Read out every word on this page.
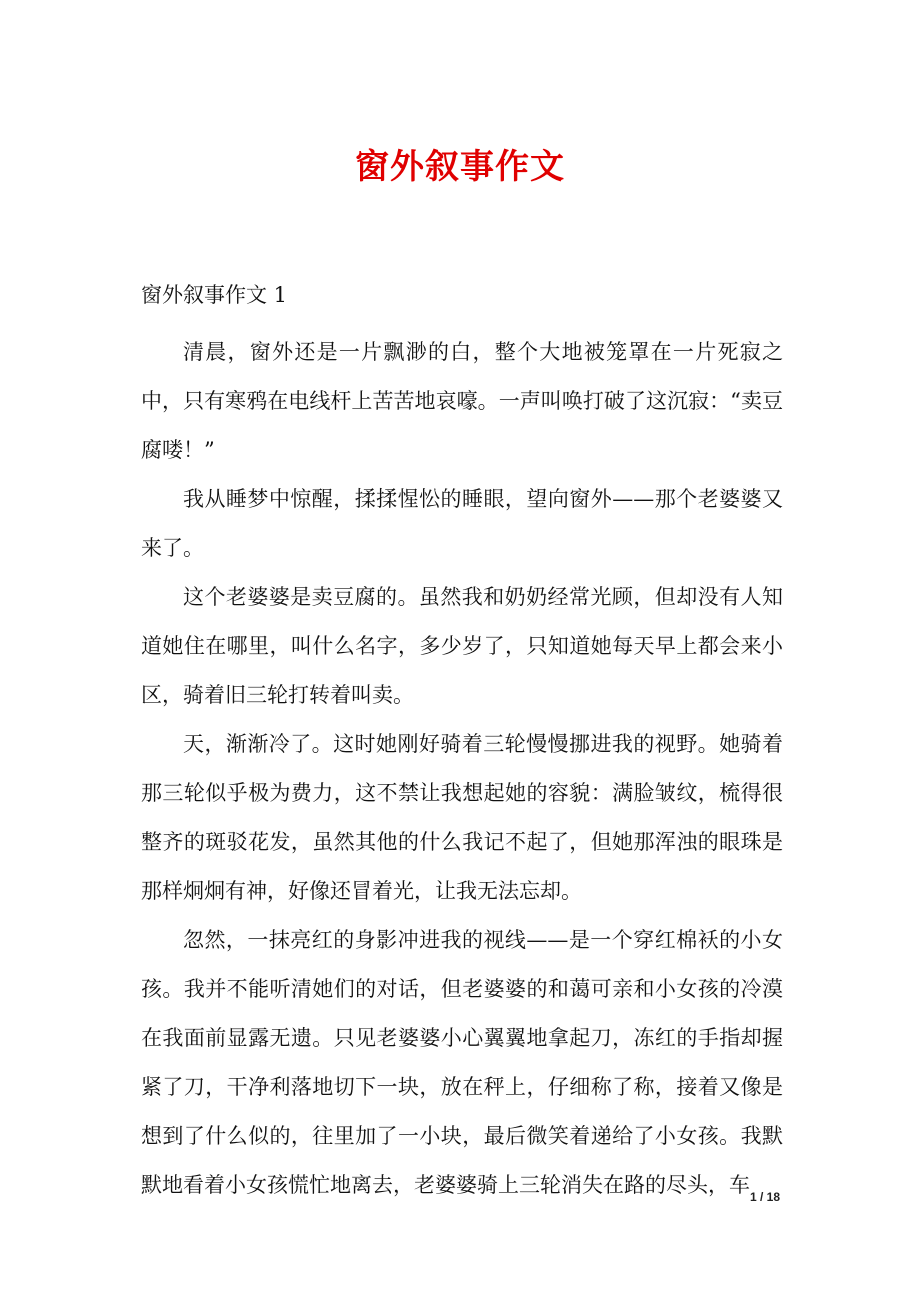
窗外叙事作文

窗外叙事作文 1

清晨，窗外还是一片飘渺的白，整个大地被笼罩在一片死寂之中，只有寒鸦在电线杆上苦苦地哀嚎。一声叫唤打破了这沉寂：“卖豆腐喽！”

我从睡梦中惊醒，揉揉惺忪的睡眼，望向窗外——那个老婆婆又来了。

这个老婆婆是卖豆腐的。虽然我和奶奶经常光顾，但却没有人知道她住在哪里，叫什么名字，多少岁了，只知道她每天早上都会来小区，骑着旧三轮打转着叫卖。

天，渐渐冷了。这时她刚好骑着三轮慢慢挪进我的视野。她骑着那三轮似乎极为费力，这不禁让我想起她的容貌：满脸皱纹，梳得很整齐的斑驳花发，虽然其他的什么我记不起了，但她那浑浊的眼珠是那样炯炯有神，好像还冒着光，让我无法忘却。

忽然，一抹亮红的身影冲进我的视线——是一个穿红棉袄的小女孩。我并不能听清她们的对话，但老婆婆的和蔼可亲和小女孩的冷漠在我面前显露无遗。只见老婆婆小心翼翼地拿起刀，冻红的手指却握紧了刀，干净利落地切下一块，放在秤上，仔细称了称，接着又像是想到了什么似的，往里加了一小块，最后微笑着递给了小女孩。我默默地看着小女孩慌忙地离去，老婆婆骑上三轮消失在路的尽头，车 1 / 18
